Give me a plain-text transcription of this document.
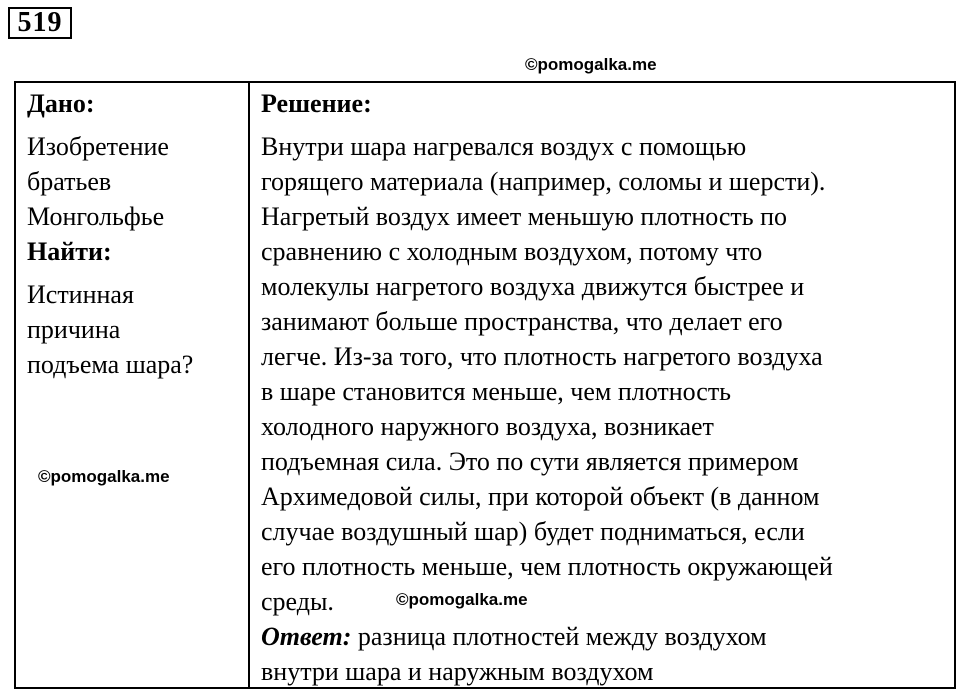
519
©pomogalka.me
Дано:
Изобретение
братьев
Монгольфье
Найти:
Истинная
причина
подъема шара?
©pomogalka.me
Решение:
Внутри шара нагревался воздух с помощью
горящего материала (например, соломы и шерсти).
Нагретый воздух имеет меньшую плотность по
сравнению с холодным воздухом, потому что
молекулы нагретого воздуха движутся быстрее и
занимают больше пространства, что делает его
легче. Из-за того, что плотность нагретого воздуха
в шаре становится меньше, чем плотность
холодного наружного воздуха, возникает
подъемная сила. Это по сути является примером
Архимедовой силы, при которой объект (в данном
случае воздушный шар) будет подниматься, если
его плотность меньше, чем плотность окружающей
среды.
Ответ: разница плотностей между воздухом
внутри шара и наружным воздухом
©pomogalka.me
